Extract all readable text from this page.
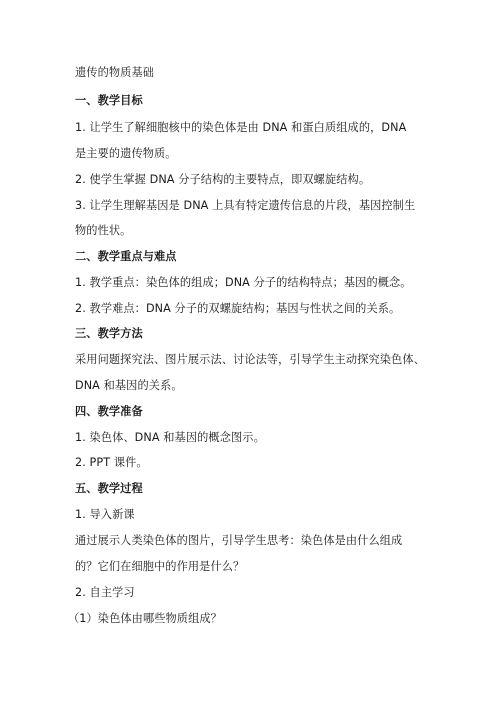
遗传的物质基础
一、教学目标
1. 让学生了解细胞核中的染色体是由 DNA 和蛋白质组成的，DNA
是主要的遗传物质。
2. 使学生掌握 DNA 分子结构的主要特点，即双螺旋结构。
3. 让学生理解基因是 DNA 上具有特定遗传信息的片段，基因控制生
物的性状。
二、教学重点与难点
1. 教学重点：染色体的组成；DNA 分子的结构特点；基因的概念。
2. 教学难点：DNA 分子的双螺旋结构；基因与性状之间的关系。
三、教学方法
采用问题探究法、图片展示法、讨论法等，引导学生主动探究染色体、
DNA 和基因的关系。
四、教学准备
1. 染色体、DNA 和基因的概念图示。
2. PPT 课件。
五、教学过程
1. 导入新课
通过展示人类染色体的图片，引导学生思考：染色体是由什么组成
的？它们在细胞中的作用是什么？
2. 自主学习
（1）染色体由哪些物质组成？
